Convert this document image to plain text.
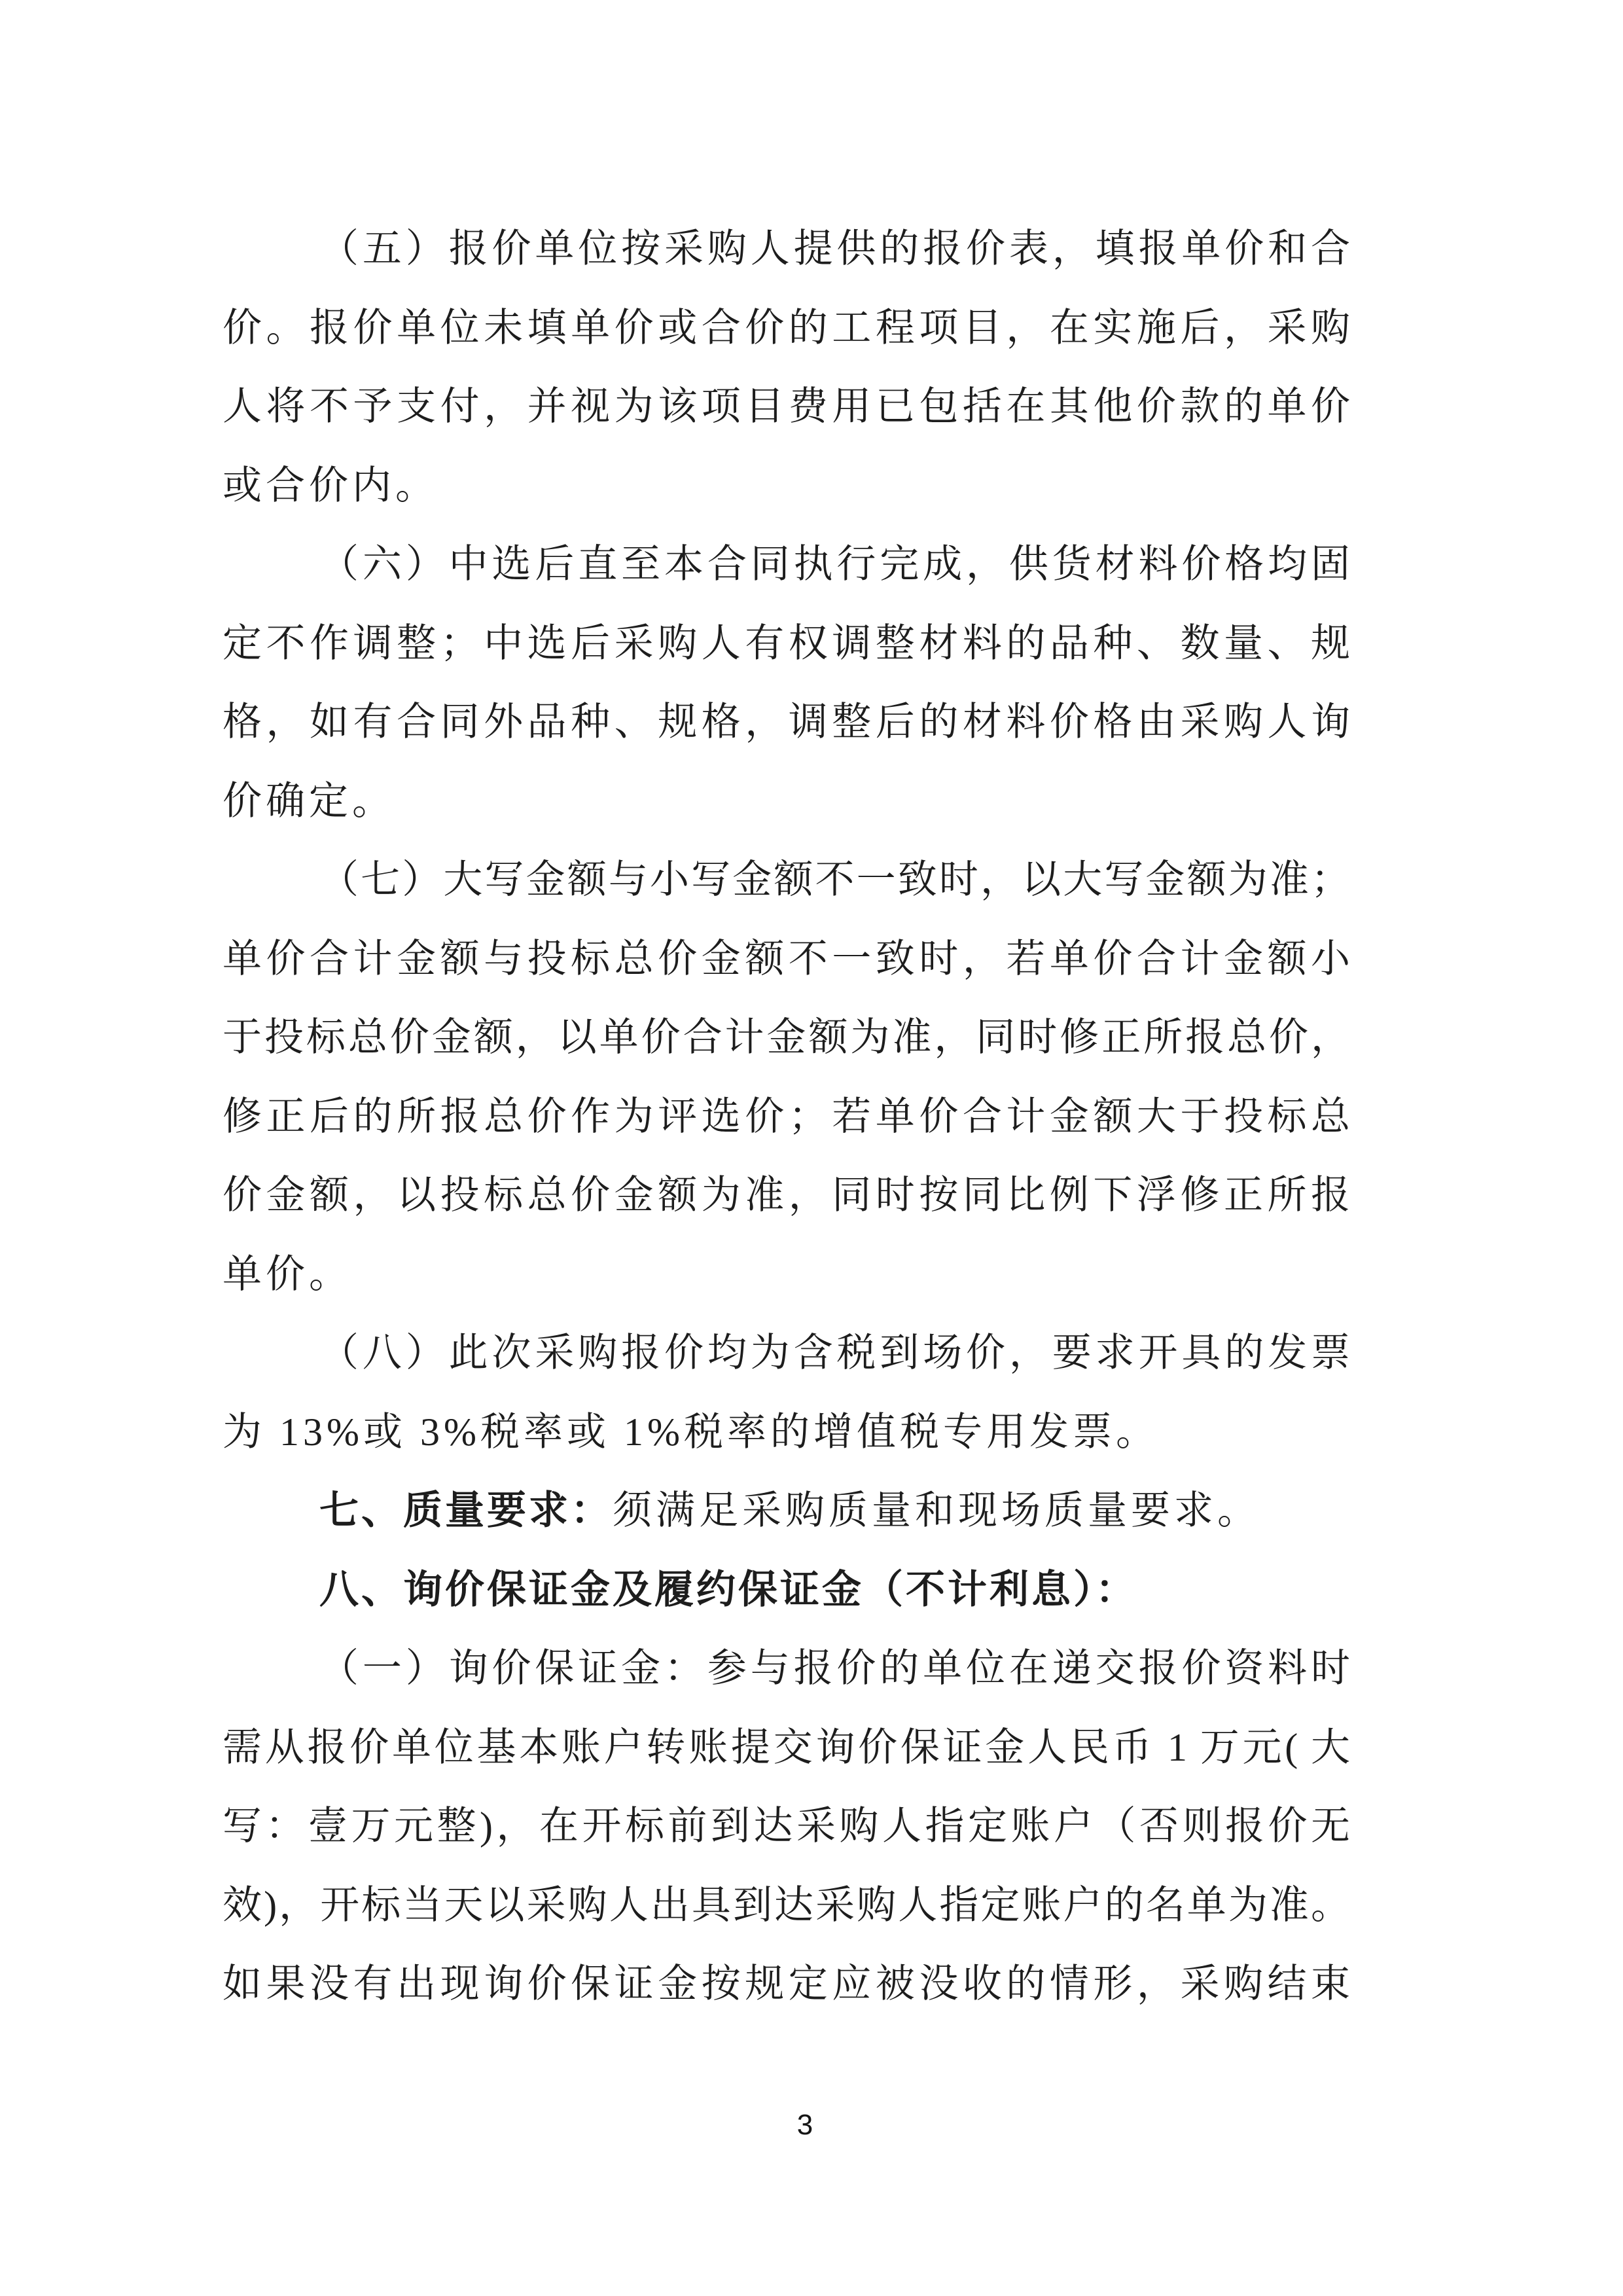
（五）报价单位按采购人提供的报价表，填报单价和合
价。报价单位未填单价或合价的工程项目，在实施后，采购
人将不予支付，并视为该项目费用已包括在其他价款的单价
或合价内。
（六）中选后直至本合同执行完成，供货材料价格均固
定不作调整；中选后采购人有权调整材料的品种、数量、规
格，如有合同外品种、规格，调整后的材料价格由采购人询
价确定。
（七）大写金额与小写金额不一致时，以大写金额为准；
单价合计金额与投标总价金额不一致时，若单价合计金额小
于投标总价金额，以单价合计金额为准，同时修正所报总价，
修正后的所报总价作为评选价；若单价合计金额大于投标总
价金额，以投标总价金额为准，同时按同比例下浮修正所报
单价。
（八）此次采购报价均为含税到场价，要求开具的发票
为 13%或 3%税率或 1%税率的增值税专用发票。
七、质量要求：须满足采购质量和现场质量要求。
八、询价保证金及履约保证金（不计利息）：
（一）询价保证金：参与报价的单位在递交报价资料时
需从报价单位基本账户转账提交询价保证金人民币 1 万元( 大
写：壹万元整)，在开标前到达采购人指定账户（否则报价无
效)，开标当天以采购人出具到达采购人指定账户的名单为准。
如果没有出现询价保证金按规定应被没收的情形，采购结束
3
